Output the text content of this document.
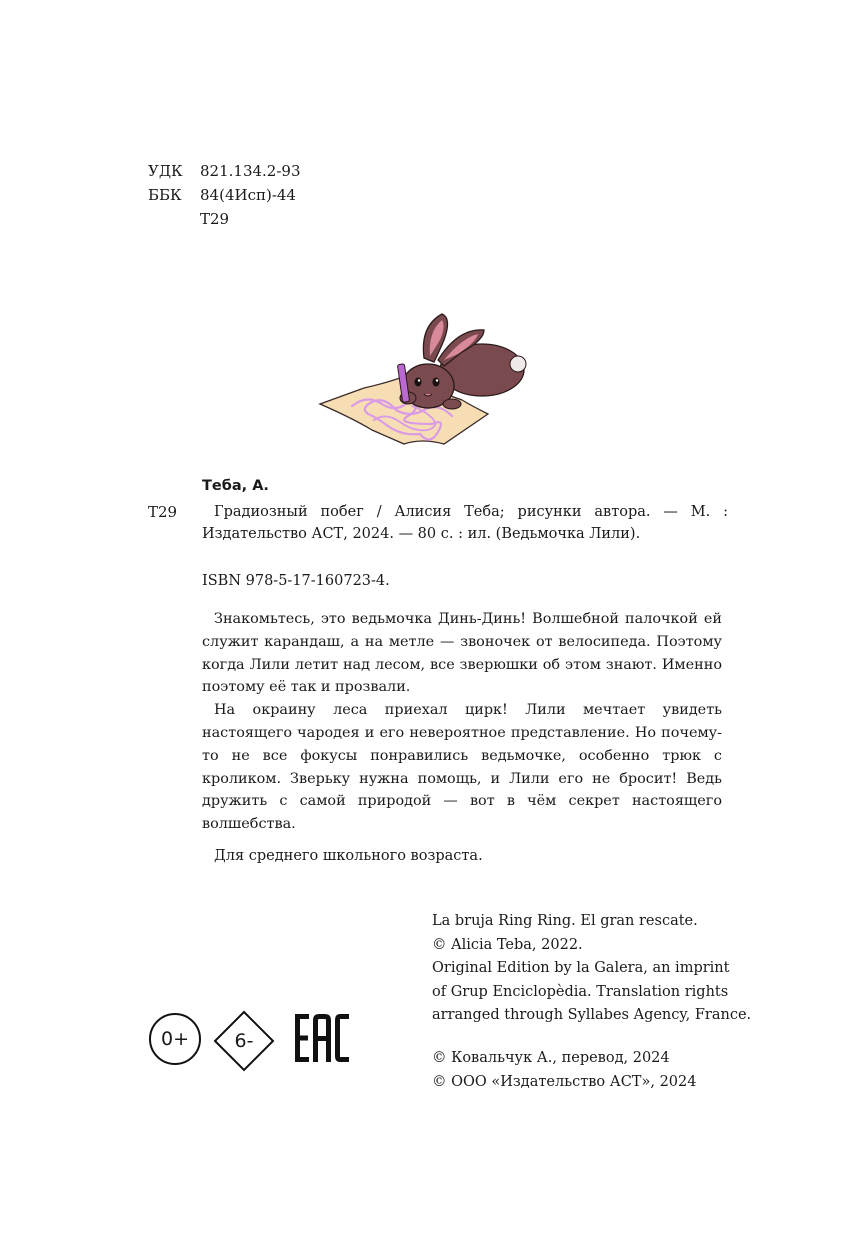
УДК 821.134.2-93
ББК 84(4Исп)-44
Т29
Теба, А.
Т29	Градиозный побег / Алисия Теба; рисунки автора. — М. : Издательство АСТ, 2024. — 80 с. : ил. (Ведьмочка Лили).
ISBN 978-5-17-160723-4.

Знакомьтесь, это ведьмочка Динь-Динь! Волшебной палочкой ей служит карандаш, а на метле — звоночек от велосипеда. Поэтому когда Лили летит над лесом, все зверюшки об этом знают. Именно поэтому её так и прозвали.

На окраину леса приехал цирк! Лили мечтает увидеть настоящего чародея и его невероятное представление. Но почему-то не все фокусы понравились ведьмочке, особенно трюк с кроликом. Зверьку нужна помощь, и Лили его не бросит! Ведь дружить с самой природой — вот в чём секрет настоящего волшебства.

Для среднего школьного возраста.
La bruja Ring Ring. El gran rescate.
© Alicia Teba, 2022.
Original Edition by la Galera, an imprint
of Grup Enciclopèdia. Translation rights
arranged through Syllabes Agency, France.
© Ковальчук А., перевод, 2024
© ООО «Издательство АСТ», 2024
0+	6-
